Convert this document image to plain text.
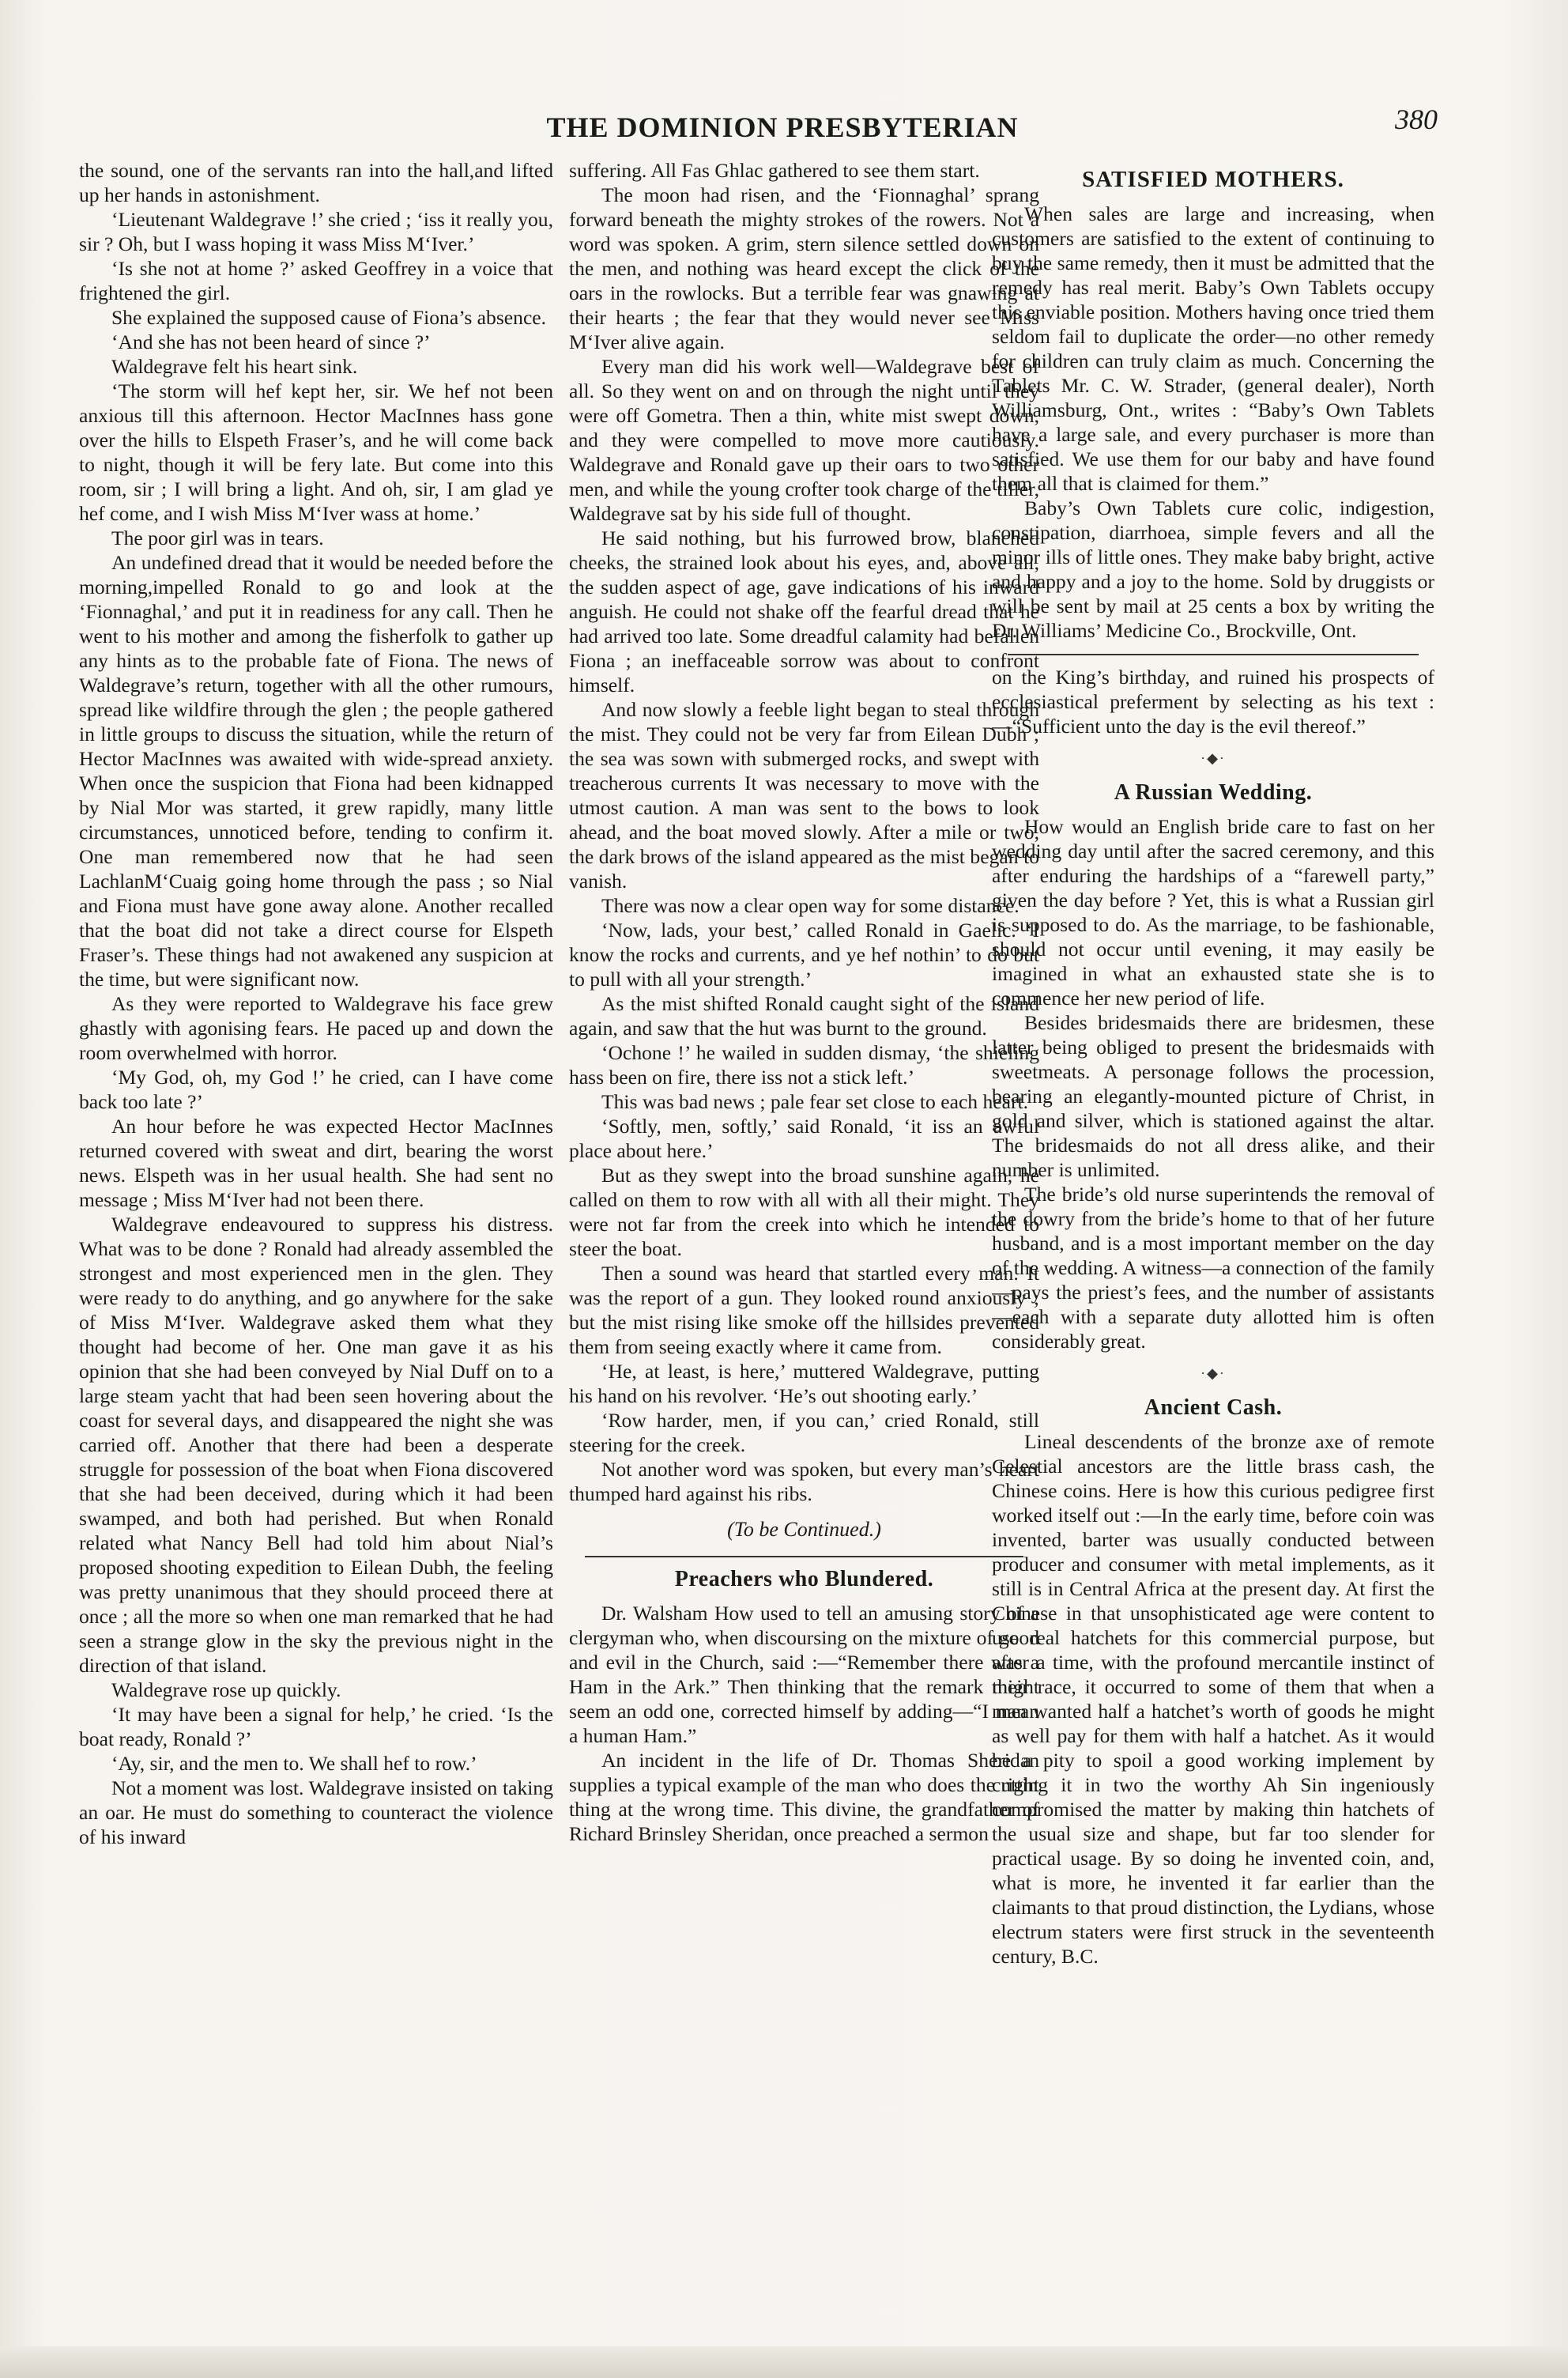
THE DOMINION PRESBYTERIAN	380

the sound, one of the servants ran into the hall,and lifted up her hands in astonishment.

‘Lieutenant Waldegrave !’ she cried ; ‘iss it really you, sir ? Oh, but I wass hoping it wass Miss M‘Iver.’

‘Is she not at home ?’ asked Geoffrey in a voice that frightened the girl.

She explained the supposed cause of Fiona’s absence.

‘And she has not been heard of since ?’

Waldegrave felt his heart sink.

‘The storm will hef kept her, sir. We hef not been anxious till this afternoon. Hector MacInnes hass gone over the hills to Elspeth Fraser’s, and he will come back to night, though it will be fery late. But come into this room, sir ; I will bring a light. And oh, sir, I am glad ye hef come, and I wish Miss M‘Iver wass at home.’

The poor girl was in tears.

An undefined dread that it would be needed before the morning,impelled Ronald to go and look at the ‘Fionnaghal,’ and put it in readiness for any call. Then he went to his mother and among the fisherfolk to gather up any hints as to the probable fate of Fiona. The news of Waldegrave’s return, together with all the other rumours, spread like wildfire through the glen ; the people gathered in little groups to discuss the situation, while the return of Hector MacInnes was awaited with wide-spread anxiety. When once the suspicion that Fiona had been kidnapped by Nial Mor was started, it grew rapidly, many little circumstances, unnoticed before, tending to confirm it. One man remembered now that he had seen LachlanM‘Cuaig going home through the pass ; so Nial and Fiona must have gone away alone. Another recalled that the boat did not take a direct course for Elspeth Fraser’s. These things had not awakened any suspicion at the time, but were significant now.

As they were reported to Waldegrave his face grew ghastly with agonising fears. He paced up and down the room overwhelmed with horror.

‘My God, oh, my God !’ he cried, can I have come back too late ?’

An hour before he was expected Hector MacInnes returned covered with sweat and dirt, bearing the worst news. Elspeth was in her usual health. She had sent no message ; Miss M‘Iver had not been there.

Waldegrave endeavoured to suppress his distress. What was to be done ? Ronald had already assembled the strongest and most experienced men in the glen. They were ready to do anything, and go anywhere for the sake of Miss M‘Iver. Waldegrave asked them what they thought had become of her. One man gave it as his opinion that she had been conveyed by Nial Duff on to a large steam yacht that had been seen hovering about the coast for several days, and disappeared the night she was carried off. Another that there had been a desperate struggle for possession of the boat when Fiona discovered that she had been deceived, during which it had been swamped, and both had perished. But when Ronald related what Nancy Bell had told him about Nial’s proposed shooting expedition to Eilean Dubh, the feeling was pretty unanimous that they should proceed there at once ; all the more so when one man remarked that he had seen a strange glow in the sky the previous night in the direction of that island.

Waldegrave rose up quickly.

‘It may have been a signal for help,’ he cried. ‘Is the boat ready, Ronald ?’

‘Ay, sir, and the men to. We shall hef to row.’

Not a moment was lost. Waldegrave insisted on taking an oar. He must do something to counteract the violence of his inward

suffering. All Fas Ghlac gathered to see them start.

The moon had risen, and the ‘Fionnaghal’ sprang forward beneath the mighty strokes of the rowers. Not a word was spoken. A grim, stern silence settled down on the men, and nothing was heard except the click of the oars in the rowlocks. But a terrible fear was gnawing at their hearts ; the fear that they would never see Miss M‘Iver alive again.

Every man did his work well—Waldegrave best of all. So they went on and on through the night until they were off Gometra. Then a thin, white mist swept down, and they were compelled to move more cautiously. Waldegrave and Ronald gave up their oars to two other men, and while the young crofter took charge of the tiller, Waldegrave sat by his side full of thought.

He said nothing, but his furrowed brow, blanched cheeks, the strained look about his eyes, and, above all, the sudden aspect of age, gave indications of his inward anguish. He could not shake off the fearful dread that he had arrived too late. Some dreadful calamity had befallen Fiona ; an ineffaceable sorrow was about to confront himself.

And now slowly a feeble light began to steal through the mist. They could not be very far from Eilean Dubh ; the sea was sown with submerged rocks, and swept with treacherous currents It was necessary to move with the utmost caution. A man was sent to the bows to look ahead, and the boat moved slowly. After a mile or two, the dark brows of the island appeared as the mist began to vanish.

There was now a clear open way for some distance.

‘Now, lads, your best,’ called Ronald in Gaelic. ‘I know the rocks and currents, and ye hef nothin’ to do but to pull with all your strength.’

As the mist shifted Ronald caught sight of the island again, and saw that the hut was burnt to the ground.

‘Ochone !’ he wailed in sudden dismay, ‘the shieling hass been on fire, there iss not a stick left.’

This was bad news ; pale fear set close to each heart.

‘Softly, men, softly,’ said Ronald, ‘it iss an awful place about here.’

But as they swept into the broad sunshine again, he called on them to row with all with all their might. They were not far from the creek into which he intended to steer the boat.

Then a sound was heard that startled every man. It was the report of a gun. They looked round anxiously ; but the mist rising like smoke off the hillsides prevented them from seeing exactly where it came from.

‘He, at least, is here,’ muttered Waldegrave, putting his hand on his revolver. ‘He’s out shooting early.’

‘Row harder, men, if you can,’ cried Ronald, still steering for the creek.

Not another word was spoken, but every man’s heart thumped hard against his ribs.

(To be Continued.)
Preachers who Blundered.

Dr. Walsham How used to tell an amusing story of a clergyman who, when discoursing on the mixture of good and evil in the Church, said :—“Remember there was a Ham in the Ark.” Then thinking that the remark might seem an odd one, corrected himself by adding—“I mean a human Ham.”

An incident in the life of Dr. Thomas Sheridan supplies a typical example of the man who does the right thing at the wrong time. This divine, the grandfather of Richard Brinsley Sheridan, once preached a sermon

SATISFIED MOTHERS.

When sales are large and increasing, when customers are satisfied to the extent of continuing to buy the same remedy, then it must be admitted that the remedy has real merit. Baby’s Own Tablets occupy this enviable position. Mothers having once tried them seldom fail to duplicate the order—no other remedy for children can truly claim as much. Concerning the Tablets Mr. C. W. Strader, (general dealer), North Williamsburg, Ont., writes : “Baby’s Own Tablets have a large sale, and every purchaser is more than satisfied. We use them for our baby and have found them all that is claimed for them.”

Baby’s Own Tablets cure colic, indigestion, constipation, diarrhoea, simple fevers and all the minor ills of little ones. They make baby bright, active and happy and a joy to the home. Sold by druggists or will be sent by mail at 25 cents a box by writing the Dr. Williams’ Medicine Co., Brockville, Ont.

on the King’s birthday, and ruined his prospects of ecclesiastical preferment by selecting as his text :—“Sufficient unto the day is the evil thereof.”

·◆·
A Russian Wedding.

How would an English bride care to fast on her wedding day until after the sacred ceremony, and this after enduring the hardships of a “farewell party,” given the day before ? Yet, this is what a Russian girl is supposed to do. As the marriage, to be fashionable, should not occur until evening, it may easily be imagined in what an exhausted state she is to commence her new period of life.

Besides bridesmaids there are bridesmen, these latter being obliged to present the bridesmaids with sweetmeats. A personage follows the procession, bearing an elegantly-mounted picture of Christ, in gold and silver, which is stationed against the altar. The bridesmaids do not all dress alike, and their number is unlimited.

The bride’s old nurse superintends the removal of the dowry from the bride’s home to that of her future husband, and is a most important member on the day of the wedding. A witness—a connection of the family —pays the priest’s fees, and the number of assistants—each with a separate duty allotted him is often considerably great.

·◆·
Ancient Cash.

Lineal descendents of the bronze axe of remote Celestial ancestors are the little brass cash, the Chinese coins. Here is how this curious pedigree first worked itself out :—In the early time, before coin was invented, barter was usually conducted between producer and consumer with metal implements, as it still is in Central Africa at the present day. At first the Chinese in that unsophisticated age were content to use real hatchets for this commercial purpose, but after a time, with the profound mercantile instinct of their race, it occurred to some of them that when a man wanted half a hatchet’s worth of goods he might as well pay for them with half a hatchet. As it would be a pity to spoil a good working implement by cutting it in two the worthy Ah Sin ingeniously compromised the matter by making thin hatchets of the usual size and shape, but far too slender for practical usage. By so doing he invented coin, and, what is more, he invented it far earlier than the claimants to that proud distinction, the Lydians, whose electrum staters were first struck in the seventeenth century, B.C.
